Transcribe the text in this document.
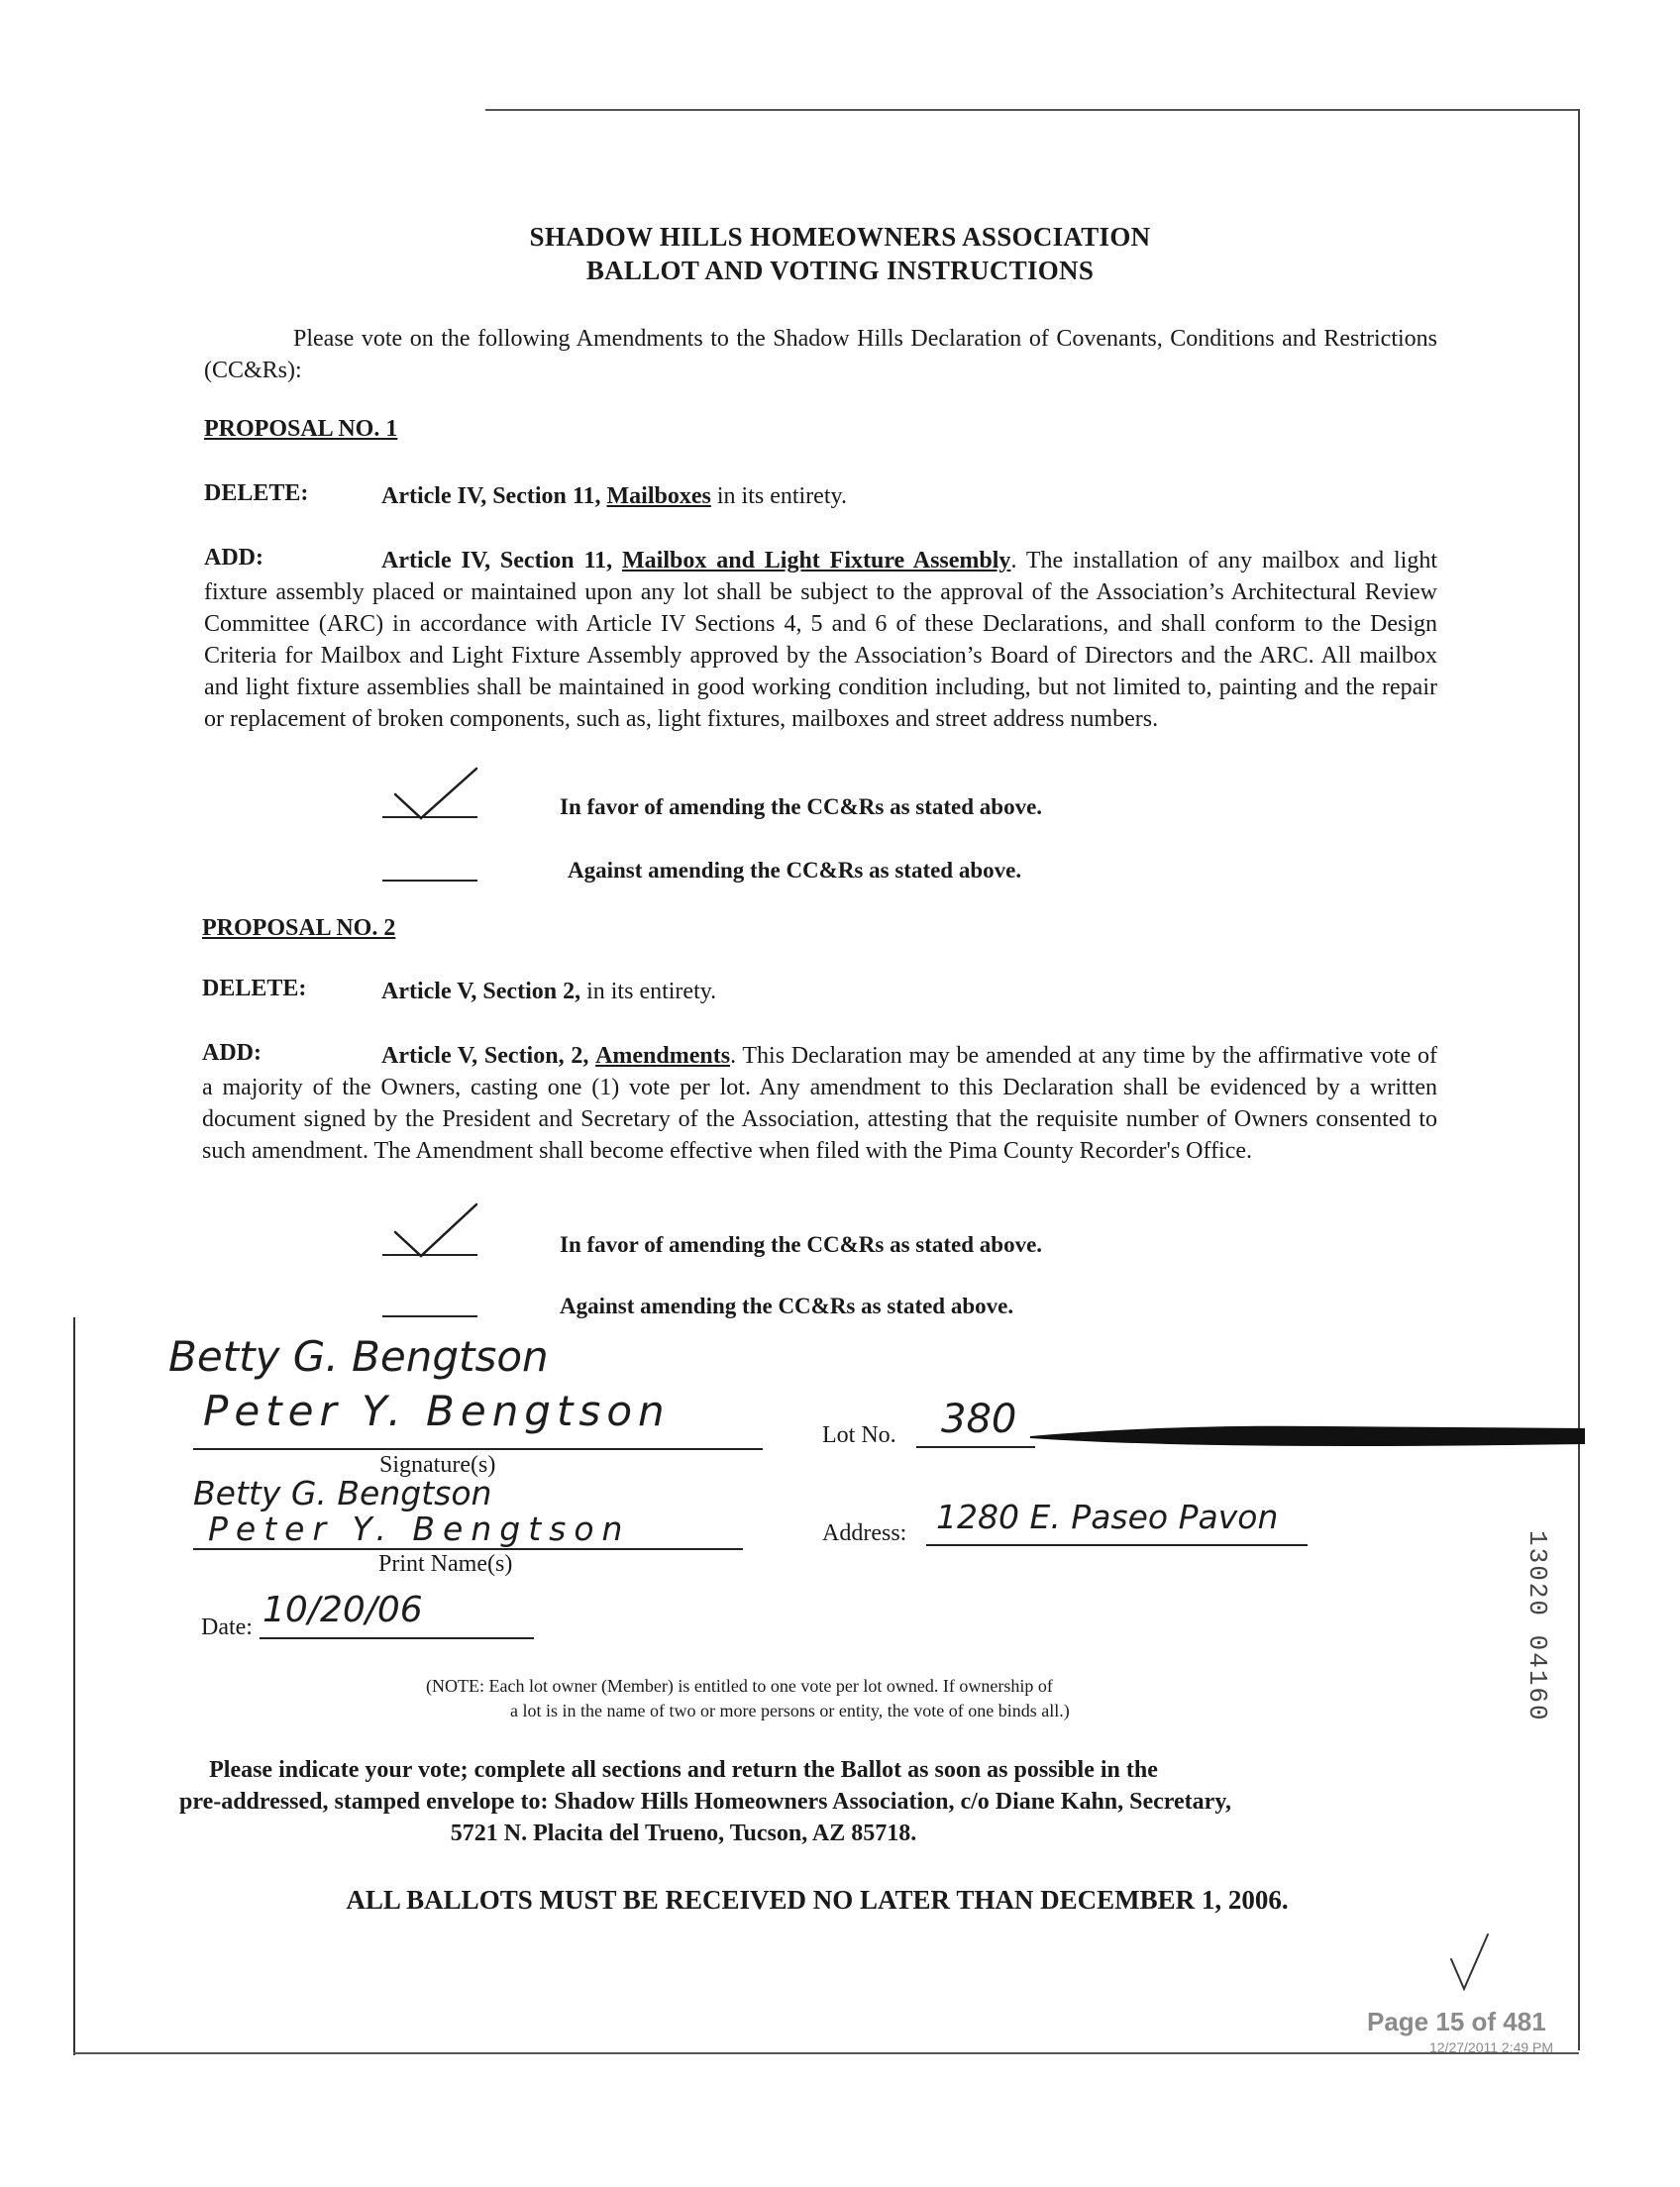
SHADOW HILLS HOMEOWNERS ASSOCIATION
BALLOT AND VOTING INSTRUCTIONS
Please vote on the following Amendments to the Shadow Hills Declaration of Covenants, Conditions and Restrictions (CC&Rs):
PROPOSAL NO. 1
DELETE:	Article IV, Section 11, Mailboxes in its entirety.
ADD:	Article IV, Section 11, Mailbox and Light Fixture Assembly. The installation of any mailbox and light fixture assembly placed or maintained upon any lot shall be subject to the approval of the Association’s Architectural Review Committee (ARC) in accordance with Article IV Sections 4, 5 and 6 of these Declarations, and shall conform to the Design Criteria for Mailbox and Light Fixture Assembly approved by the Association’s Board of Directors and the ARC. All mailbox and light fixture assemblies shall be maintained in good working condition including, but not limited to, painting and the repair or replacement of broken components, such as, light fixtures, mailboxes and street address numbers.
In favor of amending the CC&Rs as stated above.
Against amending the CC&Rs as stated above.
PROPOSAL NO. 2
DELETE:	Article V, Section 2, in its entirety.
ADD:	Article V, Section, 2, Amendments. This Declaration may be amended at any time by the affirmative vote of a majority of the Owners, casting one (1) vote per lot. Any amendment to this Declaration shall be evidenced by a written document signed by the President and Secretary of the Association, attesting that the requisite number of Owners consented to such amendment. The Amendment shall become effective when filed with the Pima County Recorder's Office.
In favor of amending the CC&Rs as stated above.
Against amending the CC&Rs as stated above.
Betty G. Bengtson
Peter Y. Bengtson
Signature(s)
Betty G. Bengtson
Peter Y. Bengtson
Print Name(s)
Lot No. 380
Address: 1280 E. Paseo Pavon
Date: 10/20/06
(NOTE: Each lot owner (Member) is entitled to one vote per lot owned. If ownership of
a lot is in the name of two or more persons or entity, the vote of one binds all.)
Please indicate your vote; complete all sections and return the Ballot as soon as possible in the
pre-addressed, stamped envelope to: Shadow Hills Homeowners Association, c/o Diane Kahn, Secretary,
5721 N. Placita del Trueno, Tucson, AZ 85718.
ALL BALLOTS MUST BE RECEIVED NO LATER THAN DECEMBER 1, 2006.
13020 04160
Page 15 of 481
12/27/2011 2:49 PM
